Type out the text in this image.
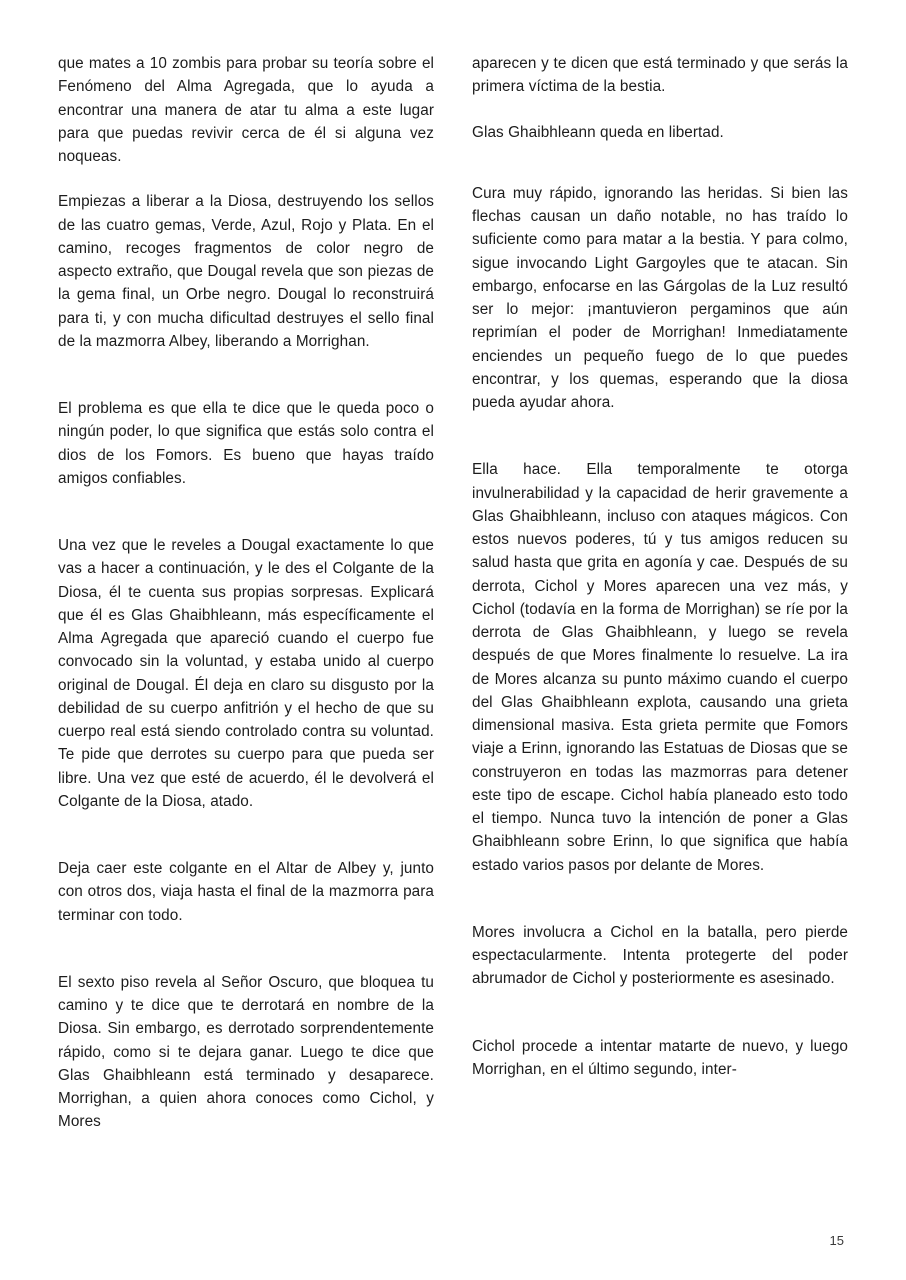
que mates a 10 zombis para probar su teoría sobre el Fenómeno del Alma Agregada, que lo ayuda a encontrar una manera de atar tu alma a este lugar para que puedas revivir cerca de él si alguna vez noqueas.

Empiezas a liberar a la Diosa, destruyendo los sellos de las cuatro gemas, Verde, Azul, Rojo y Plata. En el camino, recoges fragmentos de color negro de aspecto extraño, que Dougal revela que son piezas de la gema final, un Orbe negro. Dougal lo reconstruirá para ti, y con mucha dificultad destruyes el sello final de la mazmorra Albey, liberando a Morrighan.

El problema es que ella te dice que le queda poco o ningún poder, lo que significa que estás solo contra el dios de los Fomors. Es bueno que hayas traído amigos confiables.

Una vez que le reveles a Dougal exactamente lo que vas a hacer a continuación, y le des el Colgante de la Diosa, él te cuenta sus propias sorpresas. Explicará que él es Glas Ghaibhleann, más específicamente el Alma Agregada que apareció cuando el cuerpo fue convocado sin la voluntad, y estaba unido al cuerpo original de Dougal. Él deja en claro su disgusto por la debilidad de su cuerpo anfitrión y el hecho de que su cuerpo real está siendo controlado contra su voluntad. Te pide que derrotes su cuerpo para que pueda ser libre. Una vez que esté de acuerdo, él le devolverá el Colgante de la Diosa, atado.

Deja caer este colgante en el Altar de Albey y, junto con otros dos, viaja hasta el final de la mazmorra para terminar con todo.

El sexto piso revela al Señor Oscuro, que bloquea tu camino y te dice que te derrotará en nombre de la Diosa. Sin embargo, es derrotado sorprendentemente rápido, como si te dejara ganar. Luego te dice que Glas Ghaibhleann está terminado y desaparece. Morrighan, a quien ahora conoces como Cichol, y Mores

aparecen y te dicen que está terminado y que serás la primera víctima de la bestia.

Glas Ghaibhleann queda en libertad.

Cura muy rápido, ignorando las heridas. Si bien las flechas causan un daño notable, no has traído lo suficiente como para matar a la bestia. Y para colmo, sigue invocando Light Gargoyles que te atacan. Sin embargo, enfocarse en las Gárgolas de la Luz resultó ser lo mejor: ¡mantuvieron pergaminos que aún reprimían el poder de Morrighan! Inmediatamente enciendes un pequeño fuego de lo que puedes encontrar, y los quemas, esperando que la diosa pueda ayudar ahora.

Ella hace. Ella temporalmente te otorga invulnerabilidad y la capacidad de herir gravemente a Glas Ghaibhleann, incluso con ataques mágicos. Con estos nuevos poderes, tú y tus amigos reducen su salud hasta que grita en agonía y cae. Después de su derrota, Cichol y Mores aparecen una vez más, y Cichol (todavía en la forma de Morrighan) se ríe por la derrota de Glas Ghaibhleann, y luego se revela después de que Mores finalmente lo resuelve. La ira de Mores alcanza su punto máximo cuando el cuerpo del Glas Ghaibhleann explota, causando una grieta dimensional masiva. Esta grieta permite que Fomors viaje a Erinn, ignorando las Estatuas de Diosas que se construyeron en todas las mazmorras para detener este tipo de escape. Cichol había planeado esto todo el tiempo. Nunca tuvo la intención de poner a Glas Ghaibhleann sobre Erinn, lo que significa que había estado varios pasos por delante de Mores.

Mores involucra a Cichol en la batalla, pero pierde espectacularmente. Intenta protegerte del poder abrumador de Cichol y posteriormente es asesinado.

Cichol procede a intentar matarte de nuevo, y luego Morrighan, en el último segundo, inter-

15
